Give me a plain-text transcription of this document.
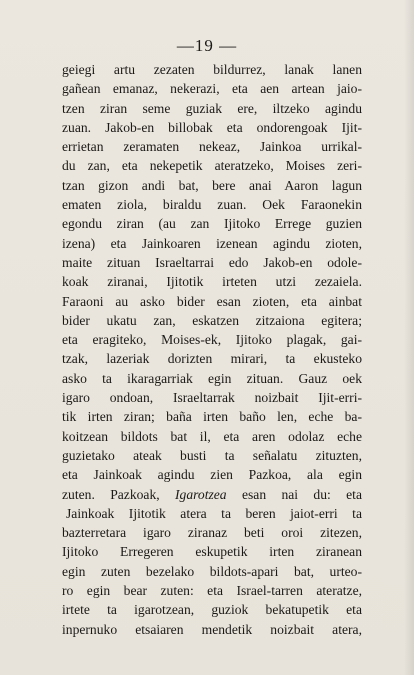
—19 —
geiegi artu zezaten bildurrez, lanak lanen
gañean emanaz, nekerazi, eta aen artean jaio-
tzen ziran seme guziak ere, iltzeko agindu
zuan. Jakob-en billobak eta ondorengoak Ijit-
errietan zeramaten nekeaz, Jainkoa urrikal-
du zan, eta nekepetik ateratzeko, Moises zeri-
tzan gizon andi bat, bere anai Aaron lagun
ematen ziola, biraldu zuan. Oek Faraonekin
egondu ziran (au zan Ijitoko Errege guzien
izena) eta Jainkoaren izenean agindu zioten,
maite zituan Israeltarrai edo Jakob-en odole-
koak ziranai, Ijitotik irteten utzi zezaiela.
Faraoni au asko bider esan zioten, eta ainbat
bider ukatu zan, eskatzen zitzaiona egitera;
eta eragiteko, Moises-ek, Ijitoko plagak, gai-
tzak, lazeriak dorizten mirari, ta ekusteko
asko ta ikaragarriak egin zituan. Gauz oek
igaro ondoan, Israeltarrak noizbait Ijit-erri-
tik irten ziran; baña irten baño len, eche ba-
koitzean bildots bat il, eta aren odolaz eche
guzietako ateak busti ta señalatu zituzten,
eta Jainkoak agindu zien Pazkoa, ala egin
zuten. Pazkoak, Igarotzea esan nai du: eta
Jainkoak Ijitotik atera ta beren jaiot-erri ta
bazterretara igaro ziranaz beti oroi zitezen,
Ijitoko Erregeren eskupetik irten ziranean
egin zuten bezelako bildots-apari bat, urteo-
ro egin bear zuten: eta Israel-tarren ateratze,
irtete ta igarotzean, guziok bekatupetik eta
inpernuko etsaiaren mendetik noizbait atera,
